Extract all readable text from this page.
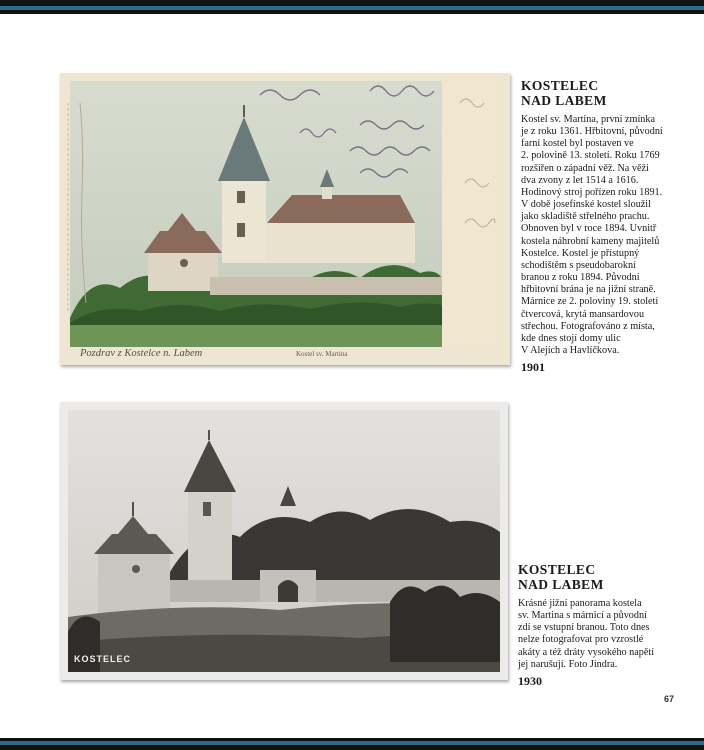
Pozdrav z Kostelce n. Labem	Kostel sv. Martina
KOSTELEC
NAD LABEM

Kostel sv. Martina, první zmínka
je z roku 1361. Hřbitovní, původní
farní kostel byl postaven ve
2. polovině 13. století. Roku 1769
rozšířen o západní věž. Na věži
dva zvony z let 1514 a 1616.
Hodinový stroj pořízen roku 1891.
V době josefínské kostel sloužil
jako skladiště střelného prachu.
Obnoven byl v roce 1894. Uvnitř
kostela náhrobní kameny majitelů
Kostelce. Kostel je přístupný
schodištěm s pseudobarokní
branou z roku 1894. Původní
hřbitovní brána je na jižní straně.
Márnice ze 2. poloviny 19. století
čtvercová, krytá mansardovou
střechou. Fotografováno z místa,
kde dnes stojí domy ulic
V Alejích a Havlíčkova.

1901
KOSTELEC
KOSTELEC
NAD LABEM

Krásné jižní panorama kostela
sv. Martina s márnicí a původní
zdí se vstupní branou. Toto dnes
nelze fotografovat pro vzrostlé
akáty a též dráty vysokého napětí
jej narušují. Foto Jindra.

1930
67
